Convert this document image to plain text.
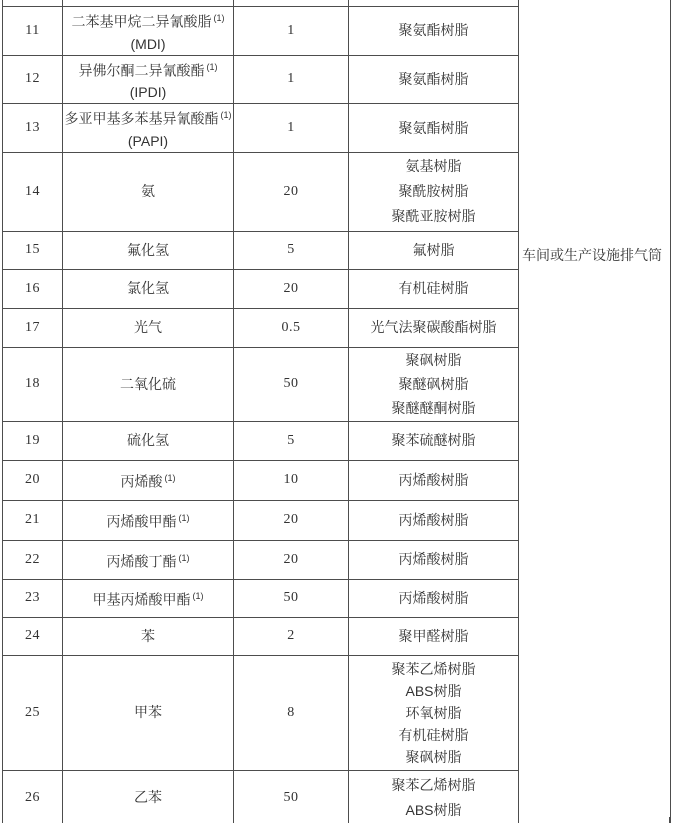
				车间或生产设施排气筒

11	二苯基甲烷二异氰酸脂 $^{(1)}$
(MDI)	1	聚氨酯树脂	

12	异佛尔酮二异氰酸酯 $^{(1)}$
(IPDI)	1	聚氨酯树脂	

13	多亚甲基多苯基异氰酸酯 $^{(1)}$
(PAPI)	1	聚氨酯树脂	

14	氨	20	氨基树脂
聚酰胺树脂
聚酰亚胺树脂	

15	氟化氢	5	氟树脂	

16	氯化氢	20	有机硅树脂	

17	光气	0.5	光气法聚碳酸酯树脂	

18	二氧化硫	50	聚砜树脂
聚醚砜树脂
聚醚醚酮树脂	

19	硫化氢	5	聚苯硫醚树脂	

20	丙烯酸 $^{(1)}$	10	丙烯酸树脂	

21	丙烯酸甲酯 $^{(1)}$	20	丙烯酸树脂	

22	丙烯酸丁酯 $^{(1)}$	20	丙烯酸树脂	

23	甲基丙烯酸甲酯 $^{(1)}$	50	丙烯酸树脂	

24	苯	2	聚甲醛树脂	

25	甲苯	8	聚苯乙烯树脂
ABS树脂
环氧树脂
有机硅树脂
聚砜树脂	

26	乙苯	50	聚苯乙烯树脂
ABS树脂	
